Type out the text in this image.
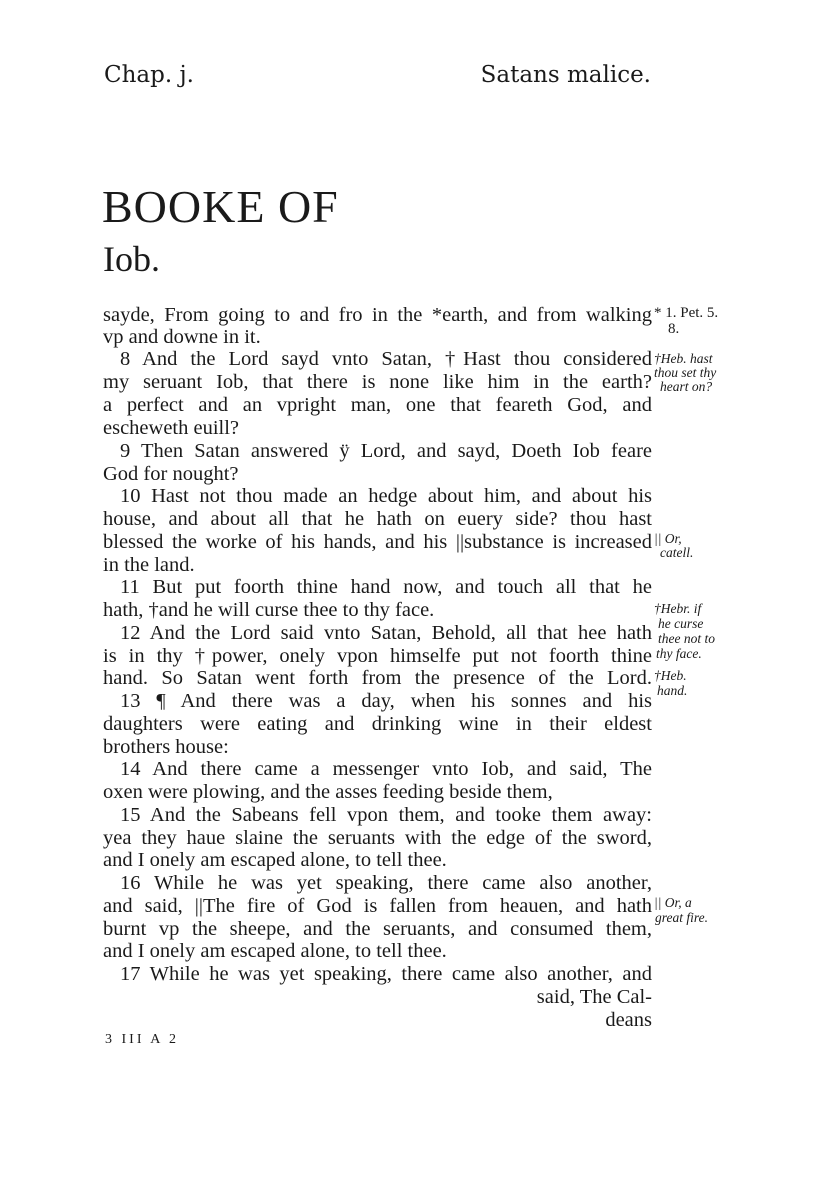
Chap. j.	Satans malice.
BOOKE OF
Iob.
sayde, From going to and fro in the *earth, and from walking
vp and downe in it.
8 And the Lord sayd vnto Satan, †Hast thou considered
my seruant Iob, that there is none like him in the earth?
a perfect and an vpright man, one that feareth God, and
escheweth euill?
9 Then Satan answered ÿ Lord, and sayd, Doeth Iob feare
God for nought?
10 Hast not thou made an hedge about him, and about his
house, and about all that he hath on euery side? thou hast
blessed the worke of his hands, and his ||substance is increased
in the land.
11 But put foorth thine hand now, and touch all that he
hath, †and he will curse thee to thy face.
12 And the Lord said vnto Satan, Behold, all that hee hath
is in thy †power, onely vpon himselfe put not foorth thine
hand. So Satan went forth from the presence of the Lord.
13 ¶ And there was a day, when his sonnes and his
daughters were eating and drinking wine in their eldest
brothers house:
14 And there came a messenger vnto Iob, and said, The
oxen were plowing, and the asses feeding beside them,
15 And the Sabeans fell vpon them, and tooke them away:
yea they haue slaine the seruants with the edge of the sword,
and I onely am escaped alone, to tell thee.
16 While he was yet speaking, there came also another,
and said, ||The fire of God is fallen from heauen, and hath
burnt vp the sheepe, and the seruants, and consumed them,
and I onely am escaped alone, to tell thee.
17 While he was yet speaking, there came also another, and
said, The Cal-
deans
* 1. Pet. 5.
8.
†Heb. hast
thou set thy
heart on?
|| Or,
catell.
†Hebr. if
he curse
thee not to
thy face.
†Heb.
hand.
|| Or, a
great fire.
3 III A 2
